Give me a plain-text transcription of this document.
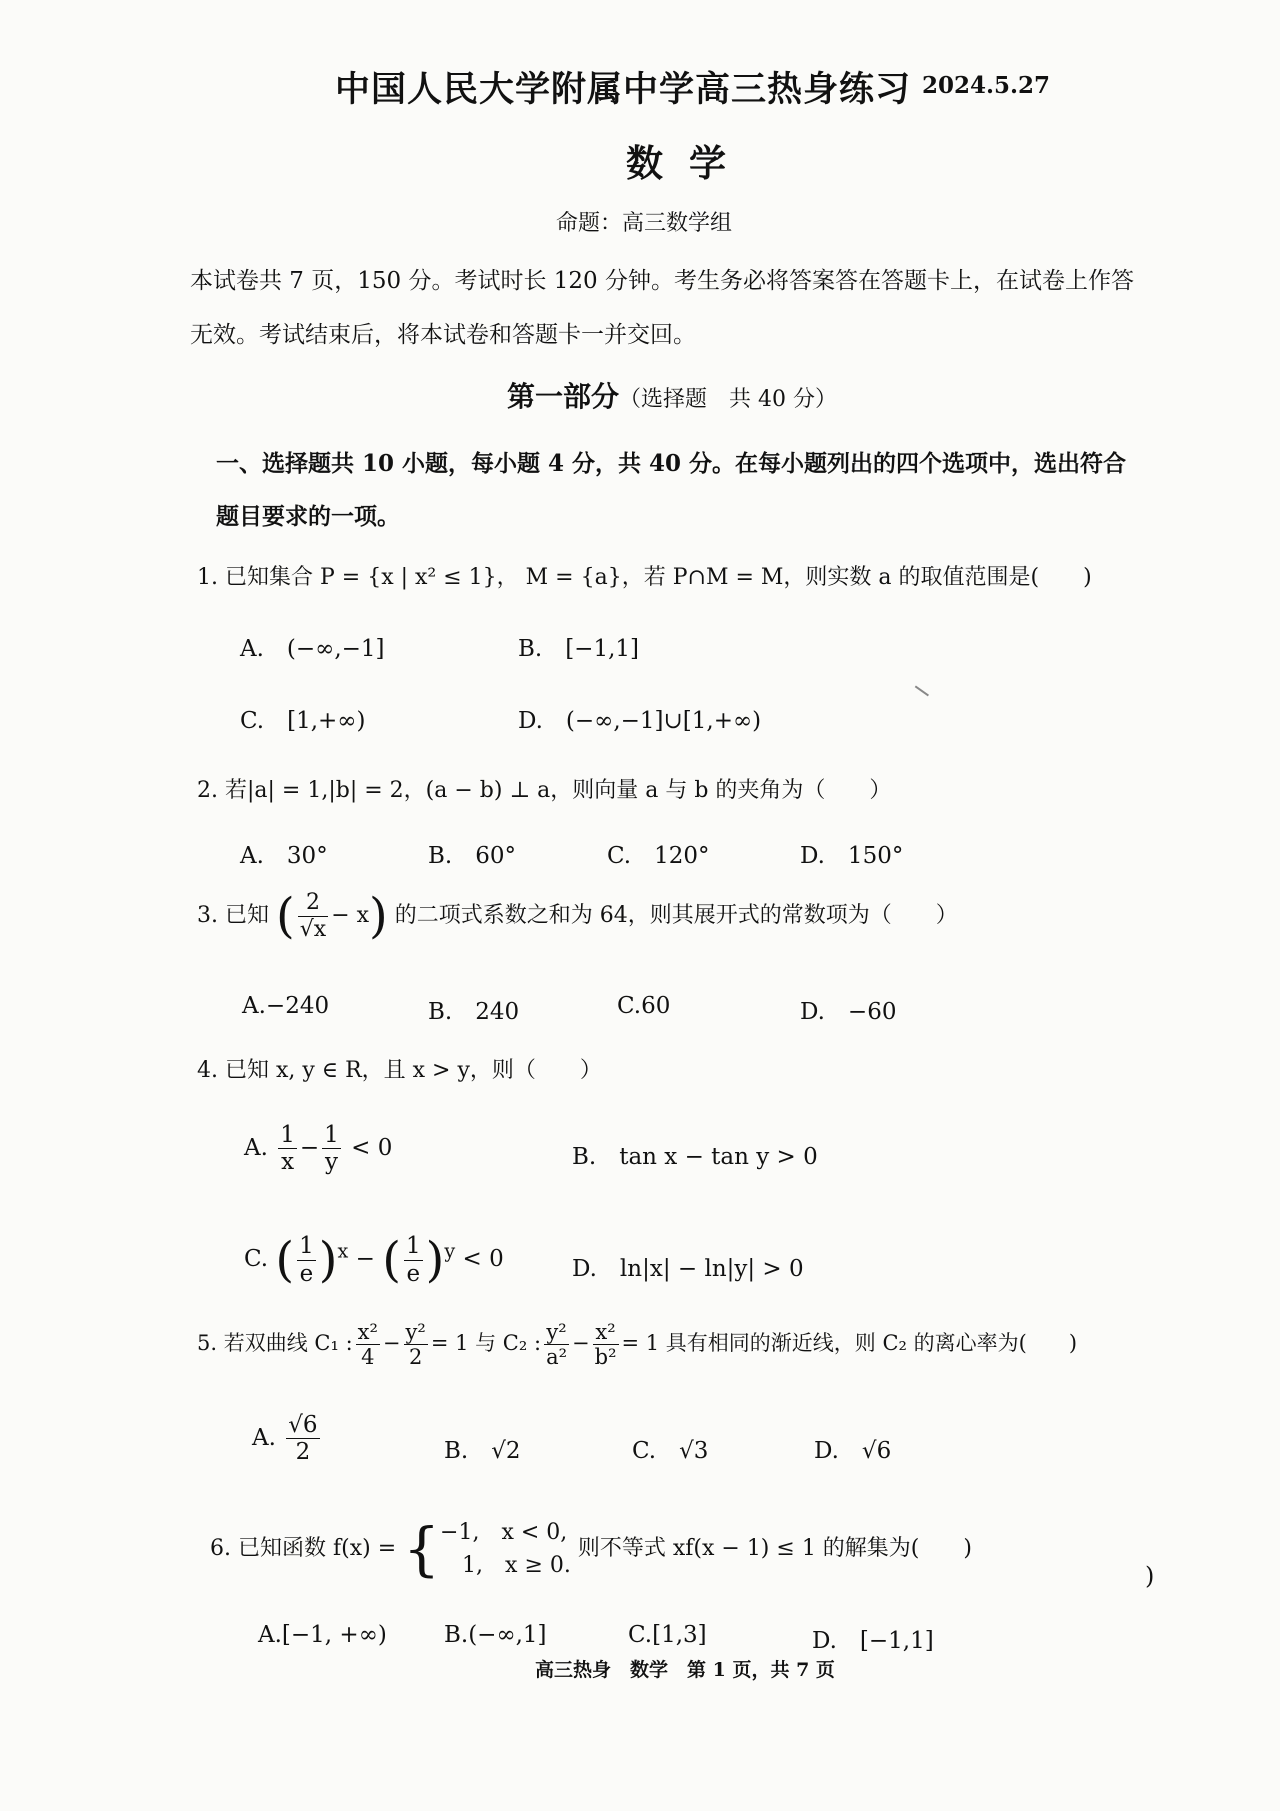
中国人民大学附属中学高三热身练习 2024.5.27
数学
命题：高三数学组
本试卷共 7 页，150 分。考试时长 120 分钟。考生务必将答案答在答题卡上，在试卷上作答
无效。考试结束后，将本试卷和答题卡一并交回。
第一部分（选择题　共 40 分）
一、选择题共 10 小题，每小题 4 分，共 40 分。在每小题列出的四个选项中，选出符合
题目要求的一项。
1. 已知集合 P = {x | x² ≤ 1}， M = {a}，若 P∩M = M，则实数 a 的取值范围是(　　)
A.　(−∞,−1]	B.　[−1,1]
C.　[1,+∞)	D.　(−∞,−1]∪[1,+∞)
2. 若|a| = 1,|b| = 2，(a − b) ⊥ a，则向量 a 与 b 的夹角为（　　）
A.　30°	B.　60°	C.　120°	D.　150°
3. 已知 ( $\frac{2}{√x} - x$) 的二项式系数之和为 64，则其展开式的常数项为（　　）
A.−240	B.　240	C.60	D.　−60
4. 已知 x, y ∈ R，且 x > y，则（　　）
A. $\frac{1}{x} - \frac{1}{y} < 0$	B.　tan x − tan y > 0
C. ( $\frac{1}{e} )^x$ − ( $\frac{1}{e} )^y < 0$	D.　ln|x| − ln|y| > 0
5. 若双曲线 C₁ : $\frac{\text{x²}}{4} - \frac{\text{y²}}{2} = 1$ 与 C₂ : $\frac{\text{y²}}{\text{a²}} - \frac{\text{x²}}{\text{b²}} = 1$ 具有相同的渐近线，则 C₂ 的离心率为(　　)
A. $\frac{√6}{2}$	B.　√2	C.　√3	D.　√6
6. 已知函数 f(x) = { −1,　x < 0,
　1,　x ≥ 0.
则不等式 xf(x − 1) ≤ 1 的解集为(　　)
)
A.[−1, +∞) B.(−∞,1]	C.[1,3]	D.　[−1,1]
高三热身　数学　第 1 页，共 7 页
